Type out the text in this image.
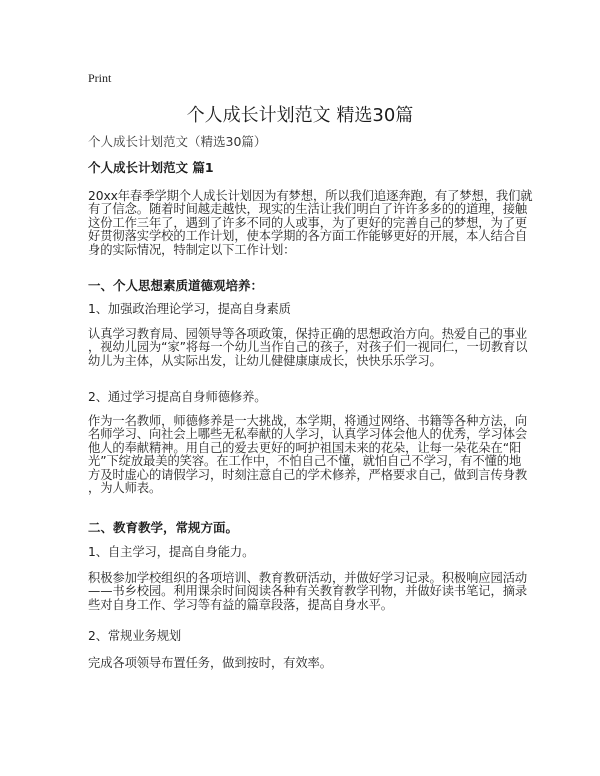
Print
个人成长计划范文 精选30篇
个人成长计划范文（精选30篇）
个人成长计划范文 篇1
20xx年春季学期个人成长计划因为有梦想，所以我们追逐奔跑，有了梦想，我们就
有了信念。随着时间越走越快，现实的生活让我们明白了许许多多的的道理，接触
这份工作三年了，遇到了许多不同的人或事，为了更好的完善自己的梦想，为了更
好贯彻落实学校的工作计划，使本学期的各方面工作能够更好的开展，本人结合自
身的实际情况，特制定以下工作计划：
一、个人思想素质道德观培养：
1、加强政治理论学习，提高自身素质
认真学习教育局、园领导等各项政策，保持正确的思想政治方向。热爱自己的事业
，视幼儿园为“家”将每一个幼儿当作自己的孩子，对孩子们一视同仁，一切教育以
幼儿为主体，从实际出发，让幼儿健健康康成长，快快乐乐学习。
2、通过学习提高自身师德修养。
作为一名教师，师德修养是一大挑战，本学期，将通过网络、书籍等各种方法，向
名师学习、向社会上哪些无私奉献的人学习，认真学习体会他人的优秀，学习体会
他人的奉献精神。用自己的爱去更好的呵护祖国未来的花朵，让每一朵花朵在“阳
光”下绽放最美的笑容。在工作中，不怕自己不懂，就怕自己不学习，有不懂的地
方及时虚心的请假学习，时刻注意自己的学术修养，严格要求自己，做到言传身教
，为人师表。
二、教育教学，常规方面。
1、自主学习，提高自身能力。
积极参加学校组织的各项培训、教育教研活动，并做好学习记录。积极响应园活动
——书乡校园。利用课余时间阅读各种有关教育教学刊物，并做好读书笔记，摘录
些对自身工作、学习等有益的篇章段落，提高自身水平。
2、常规业务规划
完成各项领导布置任务，做到按时，有效率。
